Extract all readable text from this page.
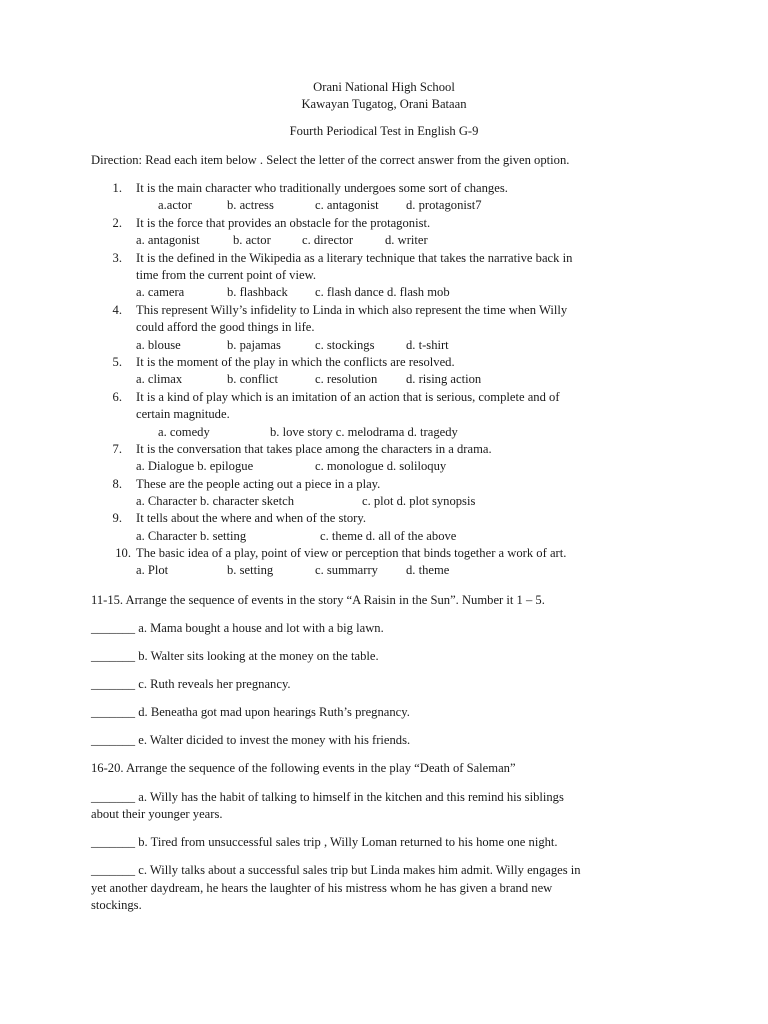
Orani National High School
Kawayan Tugatog, Orani Bataan
Fourth Periodical Test in English G-9
Direction: Read each item below . Select the letter of the correct answer from the given option.
1. It is the main character who traditionally undergoes some sort of changes.
a.actor	b. actress	c. antagonist d. protagonist7
2. It is the force that provides an obstacle for the protagonist.
a. antagonist	b. actor c. director	d. writer
3. It is the defined in the Wikipedia as a literary technique that takes the narrative back in
time from the current point of view.
a. camera	b. flashback c. flash dance d. flash mob
4. This represent Willy’s infidelity to Linda in which also represent the time when Willy
could afford the good things in life.
a. blouse	b. pajamas	c. stockings	d. t-shirt
5. It is the moment of the play in which the conflicts are resolved.
a. climax	b. conflict	c. resolution d. rising action
6. It is a kind of play which is an imitation of an action that is serious, complete and of
certain magnitude.
a. comedy	b. love story c. melodrama d. tragedy
7. It is the conversation that takes place among the characters in a drama.
a. Dialogue b. epilogue	c. monologue d. soliloquy
8. These are the people acting out a piece in a play.
a. Character b. character sketch	c. plot d. plot synopsis
9. It tells about the where and when of the story.
a. Character b. setting	c. theme d. all of the above
10. The basic idea of a play, point of view or perception that binds together a work of art.
a. Plot	b. setting	c. summarry d. theme
11-15. Arrange the sequence of events in the story “A Raisin in the Sun”. Number it 1 – 5.
_______ a. Mama bought a house and lot with a big lawn.
_______ b. Walter sits looking at the money on the table.
_______ c. Ruth reveals her pregnancy.
_______ d. Beneatha got mad upon hearings Ruth’s pregnancy.
_______ e. Walter dicided to invest the money with his friends.
16-20. Arrange the sequence of the following events in the play “Death of Saleman”
_______ a. Willy has the habit of talking to himself in the kitchen and this remind his siblings
about their younger years.
_______ b. Tired from unsuccessful sales trip , Willy Loman returned to his home one night.
_______ c. Willy talks about a successful sales trip but Linda makes him admit. Willy engages in
yet another daydream, he hears the laughter of his mistress whom he has given a brand new
stockings.
